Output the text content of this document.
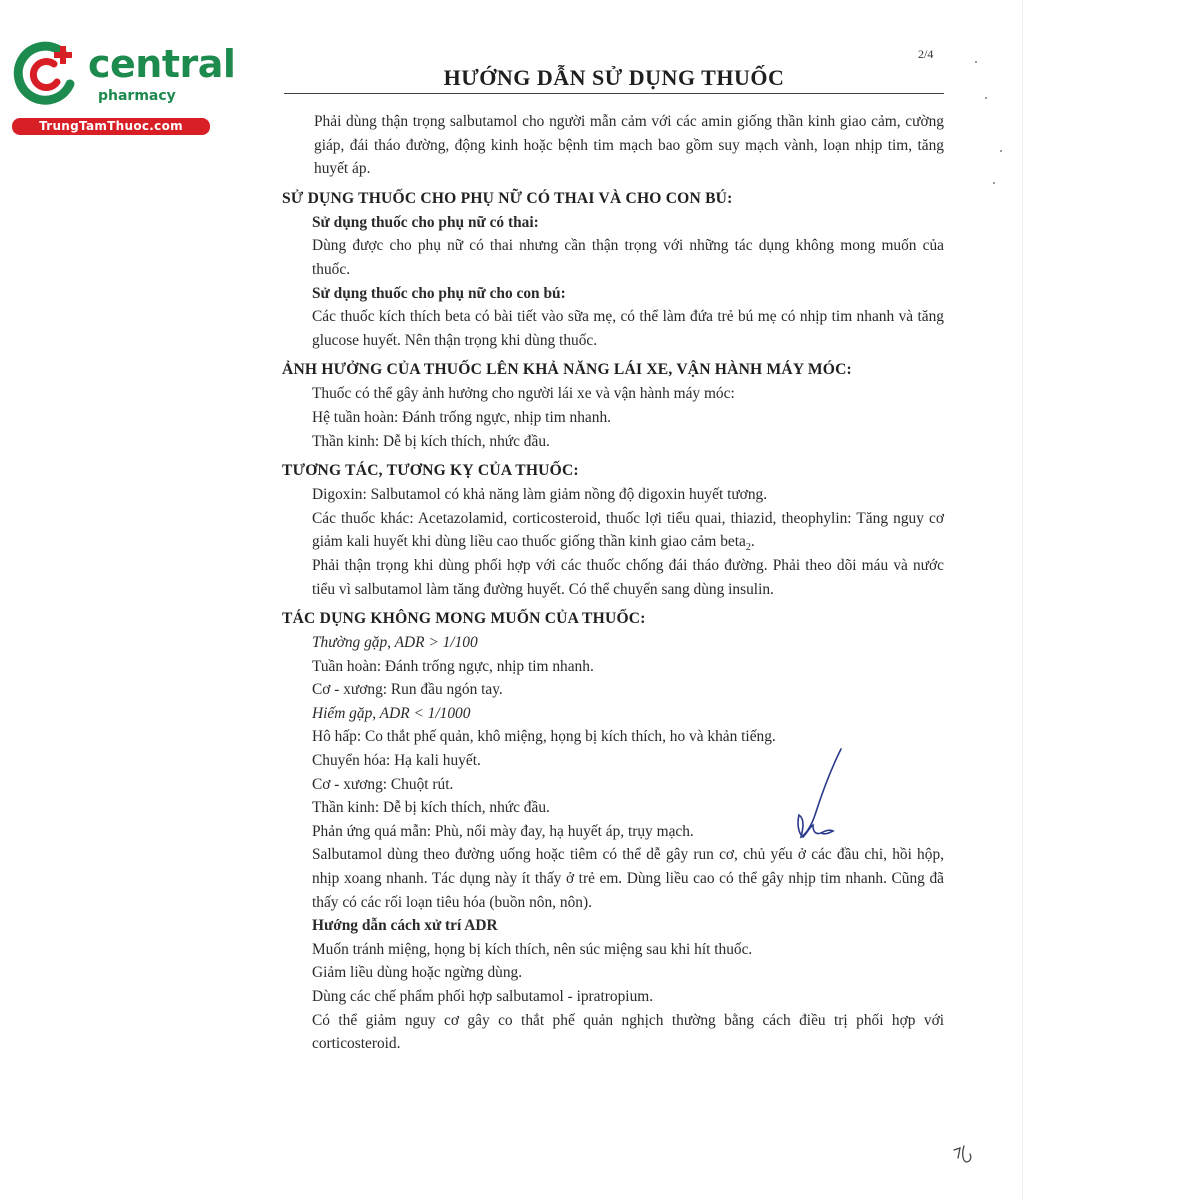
central
pharmacy
TrungTamThuoc.com
2/4
HƯỚNG DẪN SỬ DỤNG THUỐC

Phải dùng thận trọng salbutamol cho người mẫn cảm với các amin giống thần kinh giao cảm, cường giáp, đái tháo đường, động kinh hoặc bệnh tim mạch bao gồm suy mạch vành, loạn nhịp tim, tăng huyết áp.

SỬ DỤNG THUỐC CHO PHỤ NỮ CÓ THAI VÀ CHO CON BÚ:
Sử dụng thuốc cho phụ nữ có thai:

Dùng được cho phụ nữ có thai nhưng cần thận trọng với những tác dụng không mong muốn của thuốc.

Sử dụng thuốc cho phụ nữ cho con bú:

Các thuốc kích thích beta có bài tiết vào sữa mẹ, có thể làm đứa trẻ bú mẹ có nhịp tim nhanh và tăng glucose huyết. Nên thận trọng khi dùng thuốc.

ẢNH HƯỞNG CỦA THUỐC LÊN KHẢ NĂNG LÁI XE, VẬN HÀNH MÁY MÓC:
Thuốc có thể gây ảnh hưởng cho người lái xe và vận hành máy móc:
Hệ tuần hoàn: Đánh trống ngực, nhịp tim nhanh.
Thần kinh: Dễ bị kích thích, nhức đầu.
TƯƠNG TÁC, TƯƠNG KỴ CỦA THUỐC:

Digoxin: Salbutamol có khả năng làm giảm nồng độ digoxin huyết tương.

Các thuốc khác: Acetazolamid, corticosteroid, thuốc lợi tiểu quai, thiazid, theophylin: Tăng nguy cơ giảm kali huyết khi dùng liều cao thuốc giống thần kinh giao cảm beta$_2$.

Phải thận trọng khi dùng phối hợp với các thuốc chống đái tháo đường. Phải theo dõi máu và nước tiểu vì salbutamol làm tăng đường huyết. Có thể chuyển sang dùng insulin.

TÁC DỤNG KHÔNG MONG MUỐN CỦA THUỐC:
Thường gặp, ADR > 1/100
Tuần hoàn: Đánh trống ngực, nhịp tim nhanh.
Cơ - xương: Run đầu ngón tay.
Hiếm gặp, ADR < 1/1000
Hô hấp: Co thắt phế quản, khô miệng, họng bị kích thích, ho và khản tiếng.
Chuyển hóa: Hạ kali huyết.
Cơ - xương: Chuột rút.
Thần kinh: Dễ bị kích thích, nhức đầu.
Phản ứng quá mẫn: Phù, nổi mày đay, hạ huyết áp, trụy mạch.

Salbutamol dùng theo đường uống hoặc tiêm có thể dễ gây run cơ, chủ yếu ở các đầu chi, hồi hộp, nhịp xoang nhanh. Tác dụng này ít thấy ở trẻ em. Dùng liều cao có thể gây nhịp tim nhanh. Cũng đã thấy có các rối loạn tiêu hóa (buồn nôn, nôn).

Hướng dẫn cách xử trí ADR
Muốn tránh miệng, họng bị kích thích, nên súc miệng sau khi hít thuốc.
Giảm liều dùng hoặc ngừng dùng.
Dùng các chế phẩm phối hợp salbutamol - ipratropium.

Có thể giảm nguy cơ gây co thắt phế quản nghịch thường bằng cách điều trị phối hợp với corticosteroid.
